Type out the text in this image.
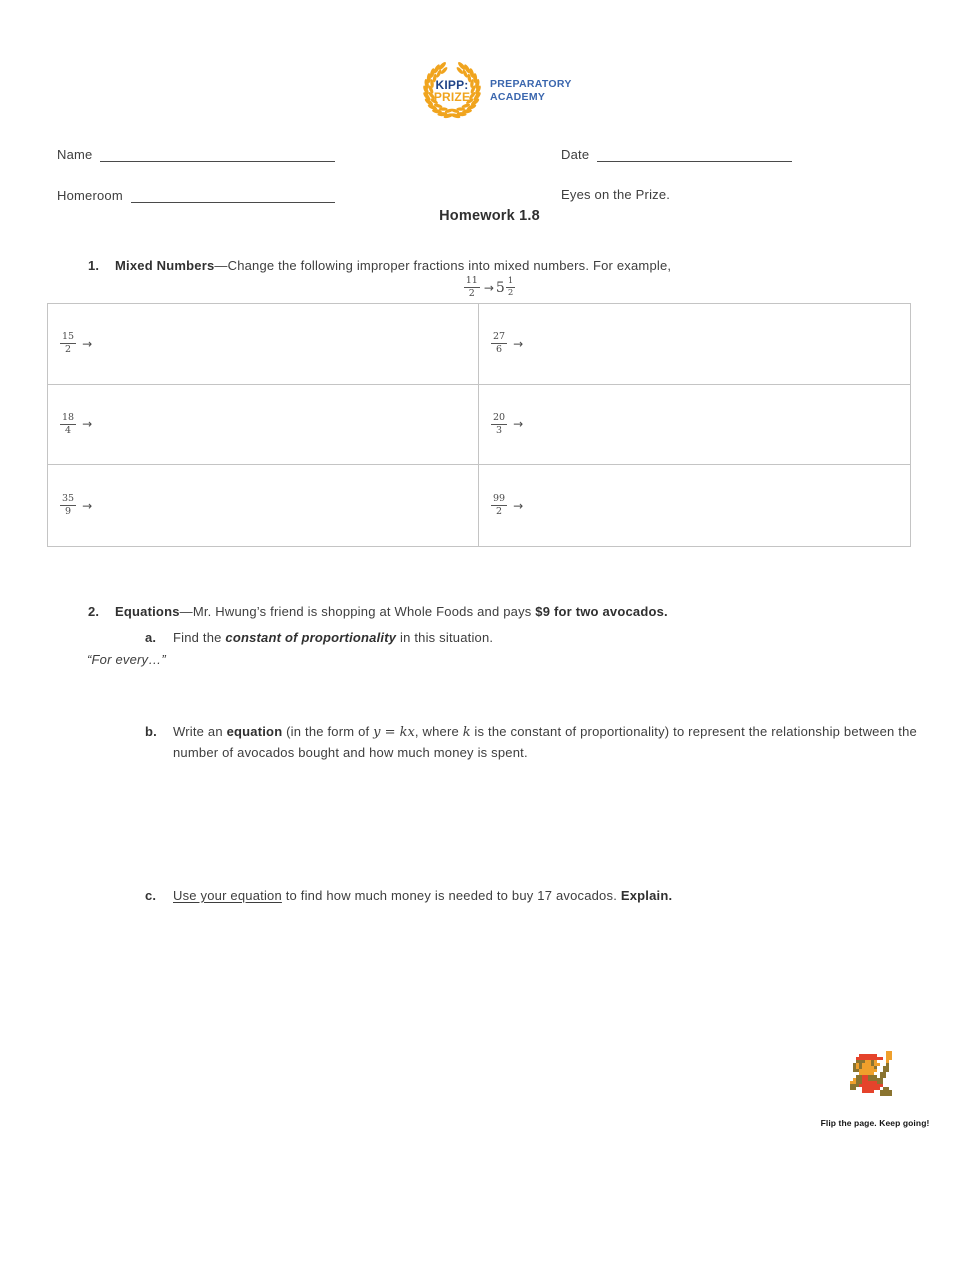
KIPP:
PRIZE
PREPARATORY
ACADEMY
Name	Date
Homeroom	Eyes on the Prize.
Homework 1.8
1.	Mixed Numbers—Change the following improper fractions into mixed numbers. For example,
$\frac{11}{2} \to 5 \frac{1}{2}$
$\frac{15}{2}$ →	$\frac{27}{6}$ →
$\frac{18}{4}$ →	$\frac{20}{3}$ →
$\frac{35}{9}$ →	$\frac{99}{2}$ →
2.	Equations—Mr. Hwung’s friend is shopping at Whole Foods and pays $9 for two avocados.
a.	Find the constant of proportionality in this situation.
“For every…”
b.	Write an equation (in the form of y = kx, where k is the constant of proportionality) to represent the relationship between the number of avocados bought and how much money is spent.
c.	Use your equation to find how much money is needed to buy 17 avocados. Explain.
Flip the page. Keep going!
